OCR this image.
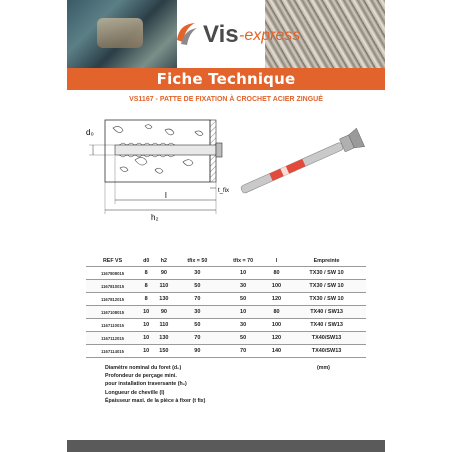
Vis -express
Fiche Technique
VS1167 - PATTE DE FIXATION À CROCHET ACIER ZINGUÉ
d₀
t_fix
l
h₂
REF VS	d0	h2	tfix = 50	tfix = 70	l	Empreinte
1167808015	8	90	30	10	80	TX30 / SW 10
1167810015	8	110	50	30	100	TX30 / SW 10
1167812015	8	130	70	50	120	TX30 / SW 10
1167108015	10	90	30	10	80	TX40 / SW13
1167110015	10	110	50	30	100	TX40 / SW13
1167112015	10	130	70	50	120	TX40/SW13
1167114015	10	150	90	70	140	TX40/SW13
Diamètre nominal du foret (d₀)
Profondeur de perçage mini.
pour installation traversante (h₂)
Longueur de cheville (l)
Épaisseur maxi. de la pièce à fixer (t fix)
(mm)
